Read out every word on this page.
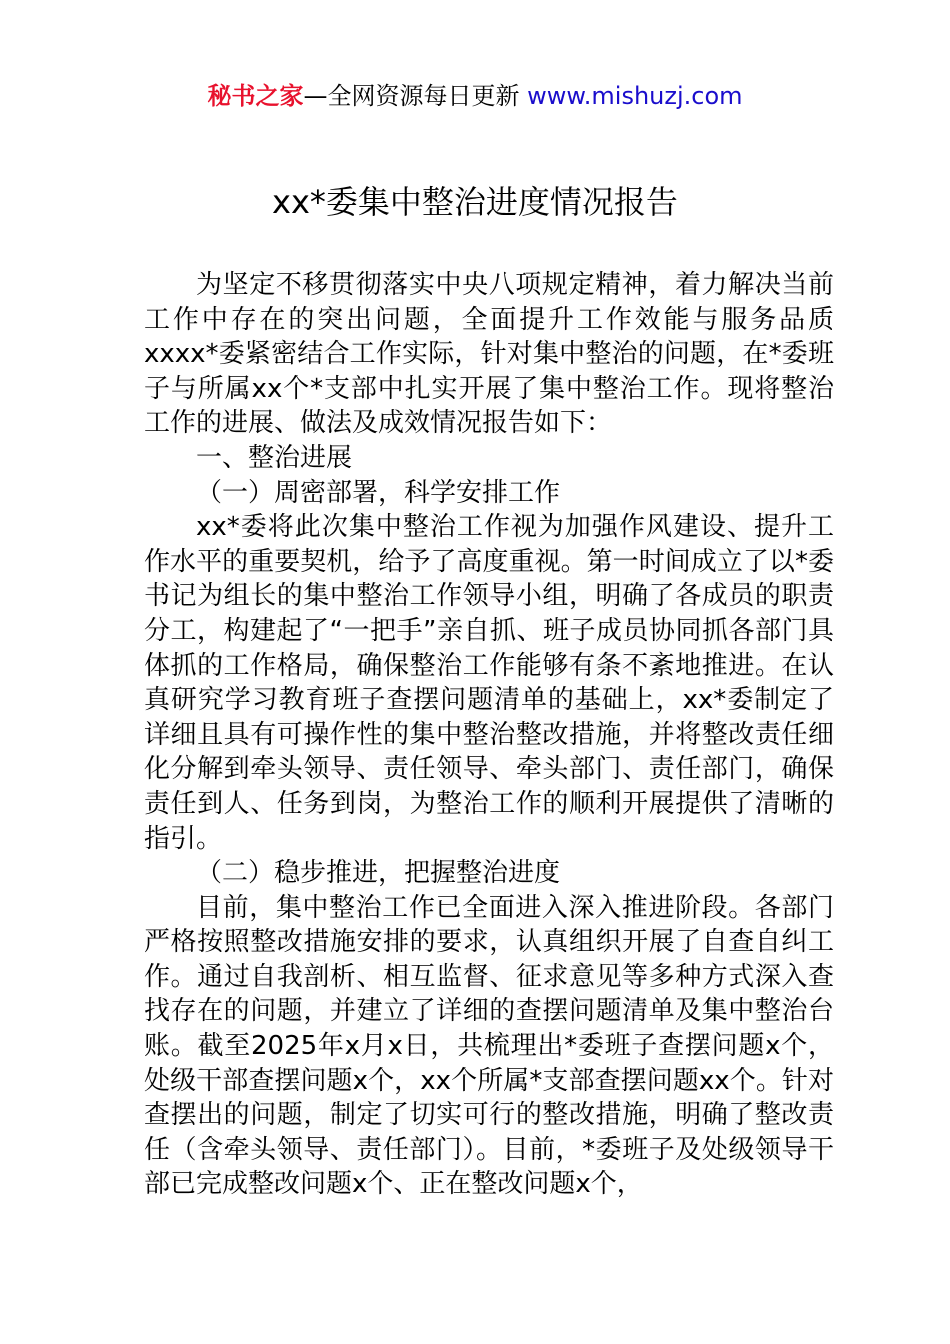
秘书之家—全网资源每日更新 www.mishuzj.com
xx*委集中整治进度情况报告

为坚定不移贯彻落实中央八项规定精神，着力解决当前工作中存在的突出问题，全面提升工作效能与服务品质xxxx*委紧密结合工作实际，针对集中整治的问题，在*委班子与所属xx个*支部中扎实开展了集中整治工作。现将整治工作的进展、做法及成效情况报告如下：

一、整治进展

（一）周密部署，科学安排工作

xx*委将此次集中整治工作视为加强作风建设、提升工作水平的重要契机，给予了高度重视。第一时间成立了以*委书记为组长的集中整治工作领导小组，明确了各成员的职责分工，构建起了“一把手”亲自抓、班子成员协同抓各部门具体抓的工作格局，确保整治工作能够有条不紊地推进。在认真研究学习教育班子查摆问题清单的基础上，xx*委制定了详细且具有可操作性的集中整治整改措施，并将整改责任细化分解到牵头领导、责任领导、牵头部门、责任部门，确保责任到人、任务到岗，为整治工作的顺利开展提供了清晰的指引。

（二）稳步推进，把握整治进度

目前，集中整治工作已全面进入深入推进阶段。各部门严格按照整改措施安排的要求，认真组织开展了自查自纠工作。通过自我剖析、相互监督、征求意见等多种方式深入查找存在的问题，并建立了详细的查摆问题清单及集中整治台账。截至2025年x月x日，共梳理出*委班子查摆问题x个，处级干部查摆问题x个，xx个所属*支部查摆问题xx个。针对查摆出的问题，制定了切实可行的整改措施，明确了整改责任（含牵头领导、责任部门）。目前，*委班子及处级领导干部已完成整改问题x个、正在整改问题x个，
